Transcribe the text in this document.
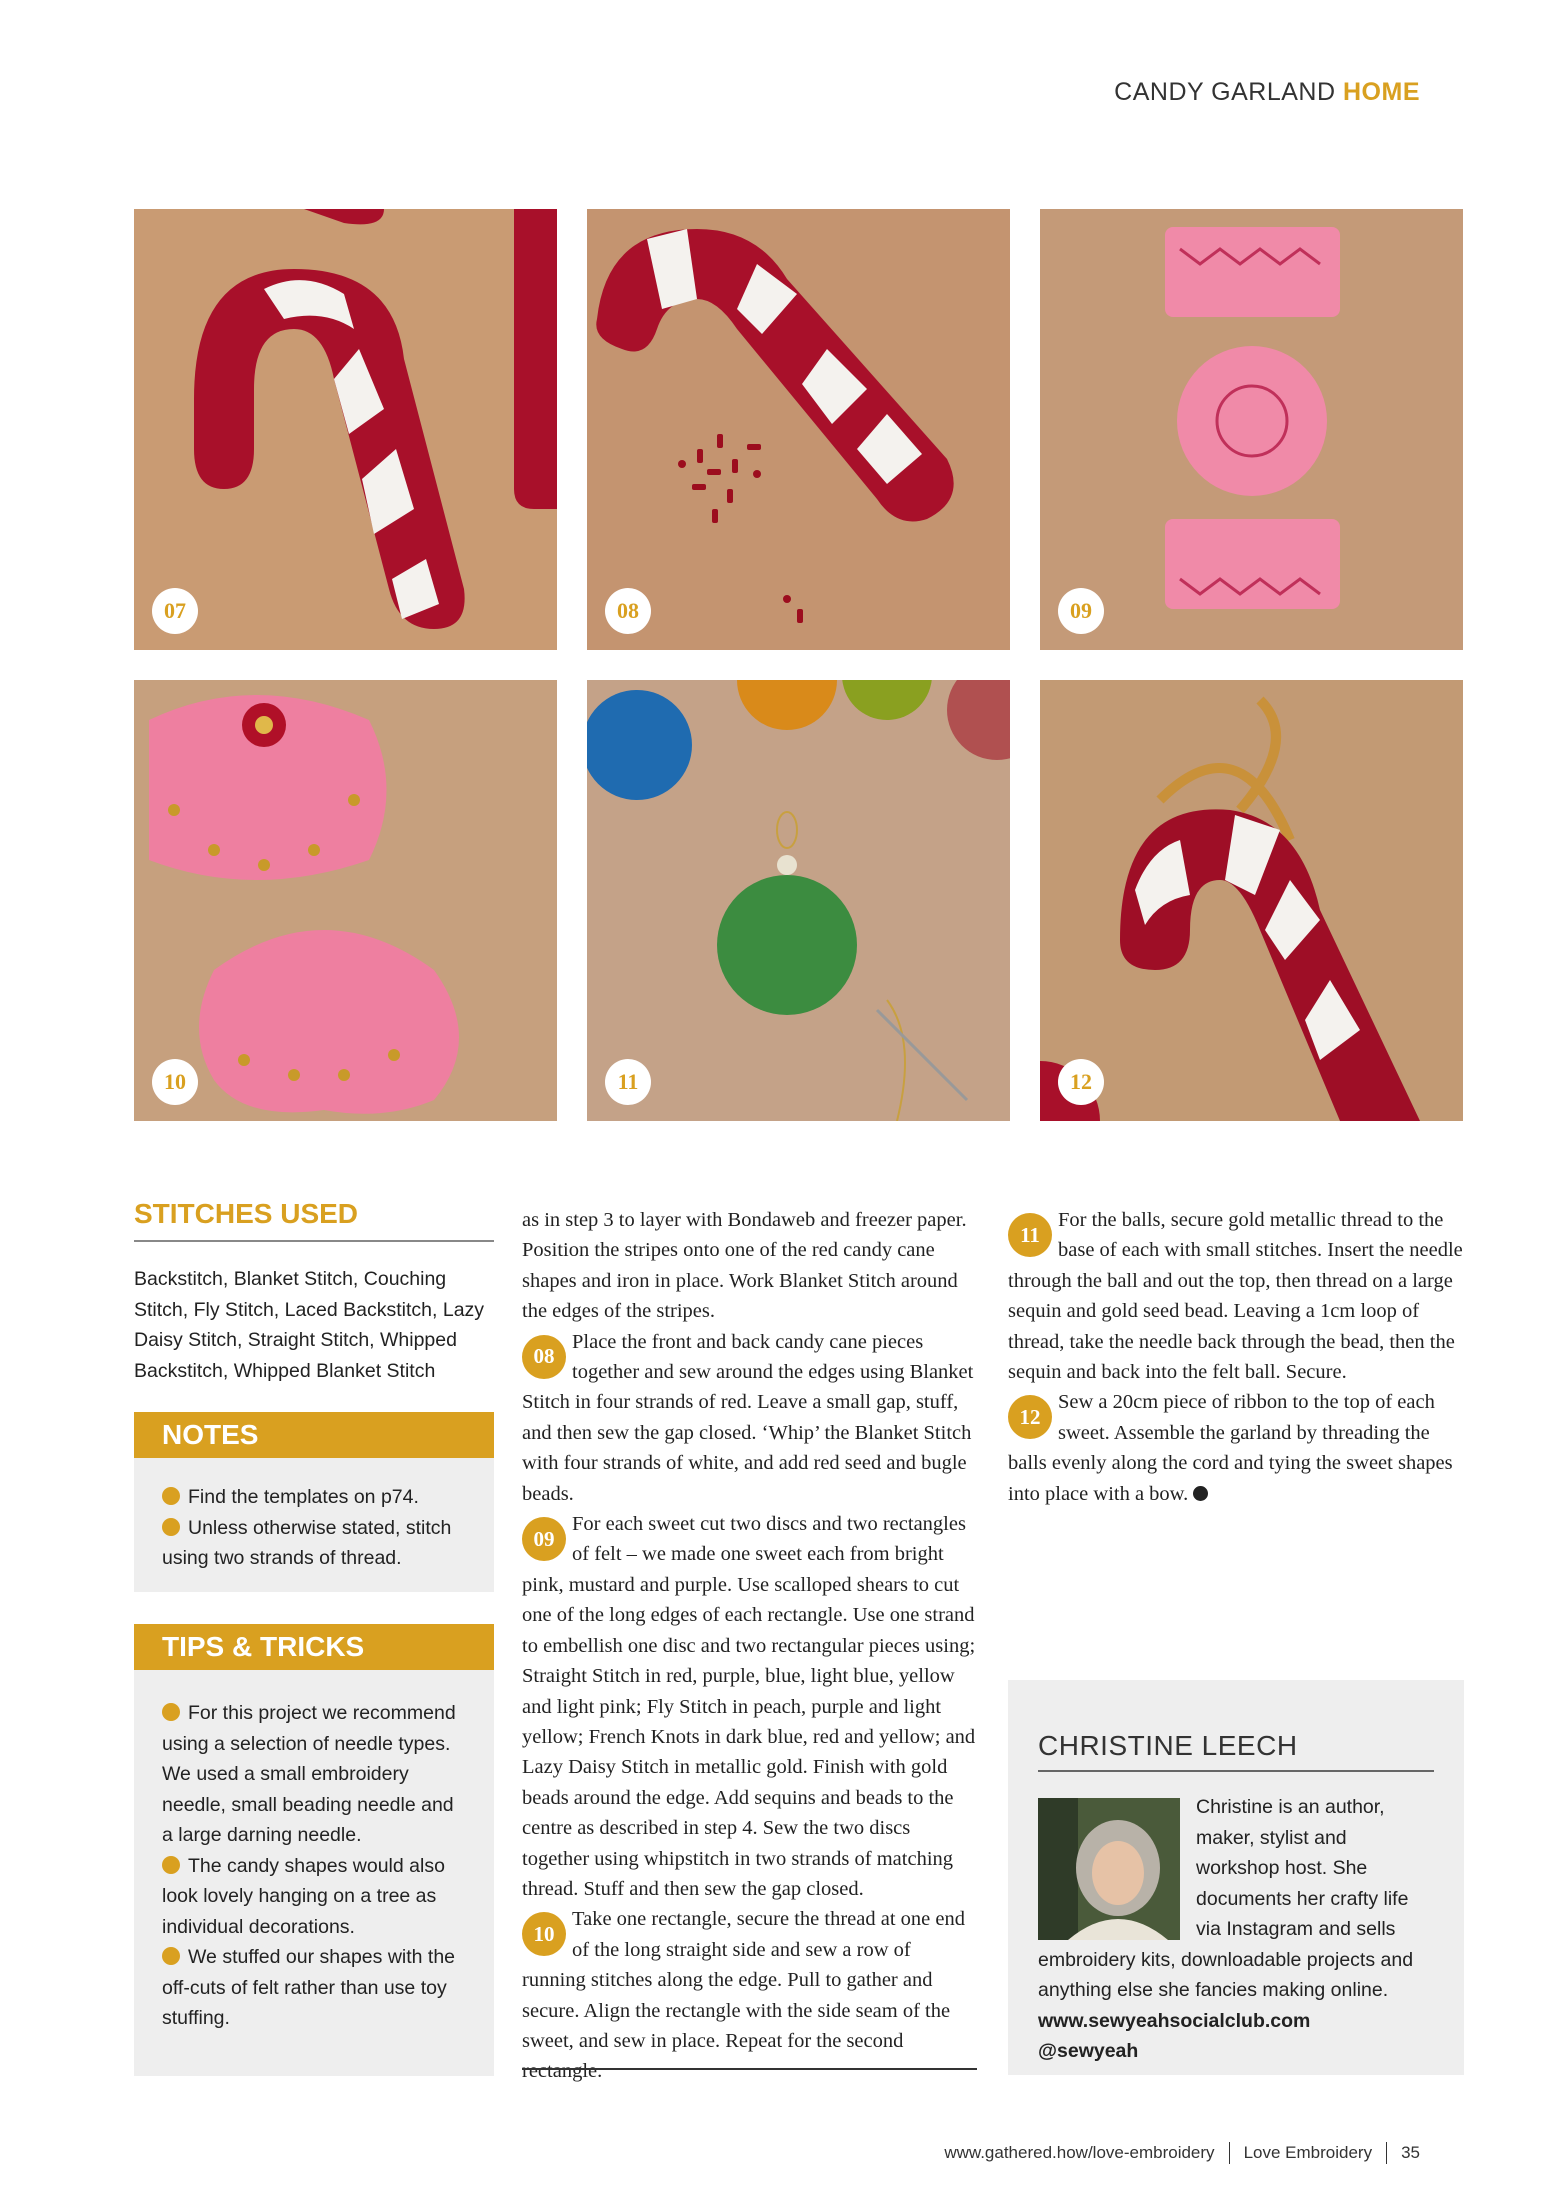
CANDY GARLAND HOME
07	08	09
10	11	12
STITCHES USED
Backstitch, Blanket Stitch, Couching Stitch, Fly Stitch, Laced Backstitch, Lazy Daisy Stitch, Straight Stitch, Whipped Backstitch, Whipped Blanket Stitch
NOTES
Find the templates on p74.
Unless otherwise stated, stitch using two strands of thread.
TIPS & TRICKS
For this project we recommend using a selection of needle types. We used a small embroidery needle, small beading needle and a large darning needle.
The candy shapes would also look lovely hanging on a tree as individual decorations.
We stuffed our shapes with the off-cuts of felt rather than use toy stuffing.

as in step 3 to layer with Bondaweb and freezer paper. Position the stripes onto one of the red candy cane shapes and iron in place. Work Blanket Stitch around the edges of the stripes.

08
Place the front and back candy cane pieces together and sew around the edges using Blanket Stitch in four strands of red. Leave a small gap, stuff, and then sew the gap closed. ‘Whip’ the Blanket Stitch with four strands of white, and add red seed and bugle beads.

09
For each sweet cut two discs and two rectangles of felt – we made one sweet each from bright pink, mustard and purple. Use scalloped shears to cut one of the long edges of each rectangle. Use one strand to embellish one disc and two rectangular pieces using; Straight Stitch in red, purple, blue, light blue, yellow and light pink; Fly Stitch in peach, purple and light yellow; French Knots in dark blue, red and yellow; and Lazy Daisy Stitch in metallic gold. Finish with gold beads around the edge. Add sequins and beads to the centre as described in step 4. Sew the two discs together using whipstitch in two strands of matching thread. Stuff and then sew the gap closed.

10
Take one rectangle, secure the thread at one end of the long straight side and sew a row of running stitches along the edge. Pull to gather and secure. Align the rectangle with the side seam of the sweet, and sew in place. Repeat for the second rectangle.

11
For the balls, secure gold metallic thread to the base of each with small stitches. Insert the needle through the ball and out the top, then thread on a large sequin and gold seed bead. Leaving a 1cm loop of thread, take the needle back through the bead, then the sequin and back into the felt ball. Secure.

12
Sew a 20cm piece of ribbon to the top of each sweet. Assemble the garland by threading the balls evenly along the cord and tying the sweet shapes into place with a bow.

CHRISTINE LEECH
Christine is an author, maker, stylist and workshop host. She documents her crafty life via Instagram and sells embroidery kits, downloadable projects and anything else she fancies making online.
www.sewyeahsocialclub.com
@sewyeah
www.gathered.how/love-embroidery Love Embroidery 35
